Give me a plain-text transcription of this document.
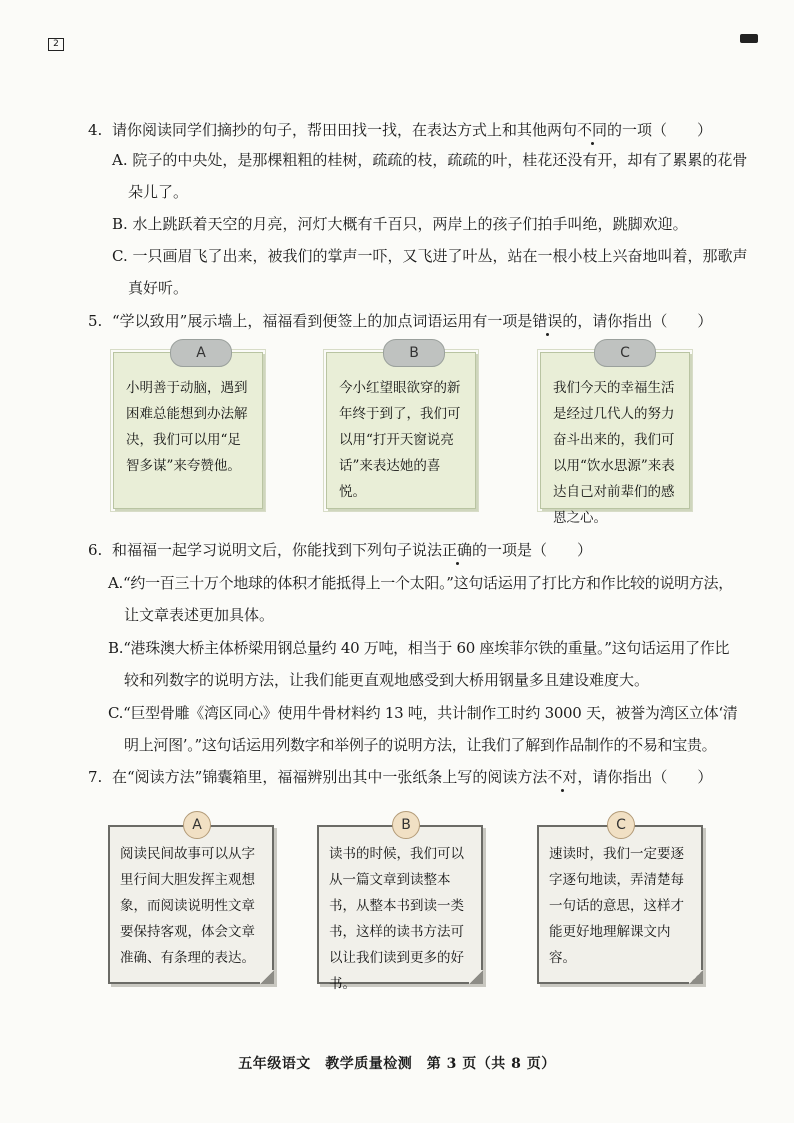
2
4. 请你阅读同学们摘抄的句子，帮田田找一找，在表达方式上和其他两句不同的一项（　　）
A. 院子的中央处，是那棵粗粗的桂树，疏疏的枝，疏疏的叶，桂花还没有开，却有了累累的花骨
朵儿了。
B. 水上跳跃着天空的月亮，河灯大概有千百只，两岸上的孩子们拍手叫绝，跳脚欢迎。
C. 一只画眉飞了出来，被我们的掌声一吓，又飞进了叶丛，站在一根小枝上兴奋地叫着，那歌声
真好听。
5. “学以致用”展示墙上，福福看到便签上的加点词语运用有一项是错误的，请你指出（　　）
小明善于动脑，遇到困难总能想到办法解决，我们可以用“足智多谋”来夸赞他。
A
今小红望眼欲穿的新年终于到了，我们可以用“打开天窗说亮话”来表达她的喜悦。
B
我们今天的幸福生活是经过几代人的努力奋斗出来的，我们可以用“饮水思源”来表达自己对前辈们的感恩之心。
C
6. 和福福一起学习说明文后，你能找到下列句子说法正确的一项是（　　）
A.“约一百三十万个地球的体积才能抵得上一个太阳。”这句话运用了打比方和作比较的说明方法，
让文章表述更加具体。
B.“港珠澳大桥主体桥梁用钢总量约 40 万吨，相当于 60 座埃菲尔铁的重量。”这句话运用了作比
较和列数字的说明方法，让我们能更直观地感受到大桥用钢量多且建设难度大。
C.“巨型骨雕《湾区同心》使用牛骨材料约 13 吨，共计制作工时约 3000 天，被誉为湾区立体‘清
明上河图’。”这句话运用列数字和举例子的说明方法，让我们了解到作品制作的不易和宝贵。
7. 在“阅读方法”锦囊箱里，福福辨别出其中一张纸条上写的阅读方法不对，请你指出（　　）
阅读民间故事可以从字里行间大胆发挥主观想象，而阅读说明性文章要保持客观，体会文章准确、有条理的表达。
A
读书的时候，我们可以从一篇文章到读整本书，从整本书到读一类书，这样的读书方法可以让我们读到更多的好书。
B
速读时，我们一定要逐字逐句地读，弄清楚每一句话的意思，这样才能更好地理解课文内容。
C
五年级语文　教学质量检测　第 3 页（共 8 页）
